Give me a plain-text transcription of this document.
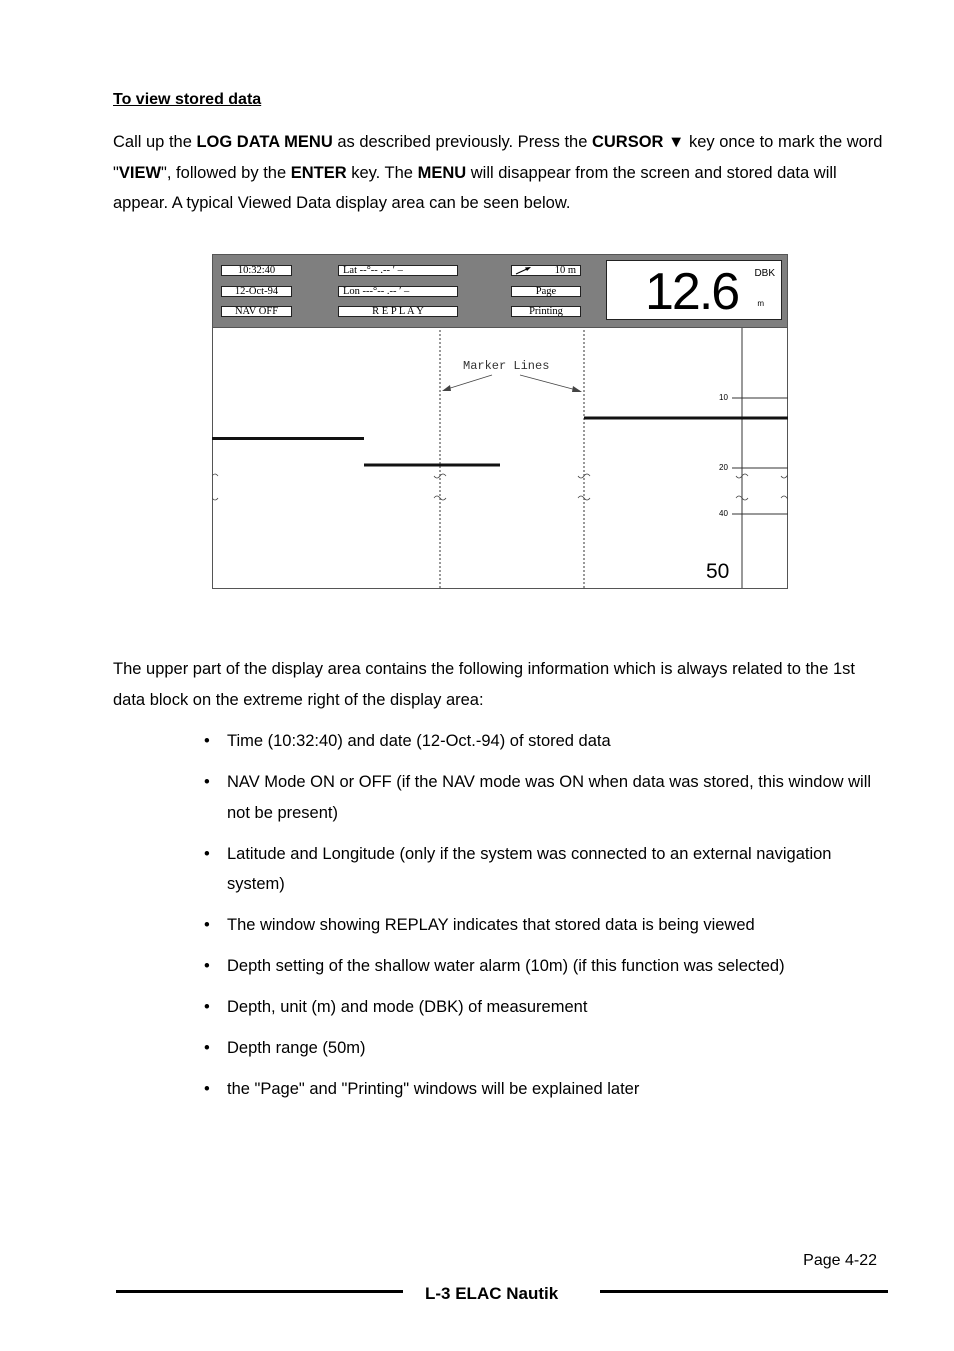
To view stored data

Call up the LOG DATA MENU as described previously. Press the CURSOR ▼ key once to mark the word "VIEW", followed by the ENTER key. The MENU will disappear from the screen and stored data will appear. A typical Viewed Data display area can be seen below.

10:32:40
12-Oct-94
NAV OFF
Lat --°-- .-- ′ –
Lon ---°-- .-- ′ –
R E P L A Y
10 m
Page
Printing	12.6 DBK
m
Marker Lines
10
20
40
50

The upper part of the display area contains the following information which is always related to the 1st data block on the extreme right of the display area:

• Time (10:32:40) and date (12-Oct.-94) of stored data
• NAV Mode ON or OFF (if the NAV mode was ON when data was stored, this window will not be present)
• Latitude and Longitude (only if the system was connected to an external navigation system)
• The window showing REPLAY indicates that stored data is being viewed
• Depth setting of the shallow water alarm (10m) (if this function was selected)
• Depth, unit (m) and mode (DBK) of measurement
• Depth range (50m)
• the "Page" and "Printing" windows will be explained later
Page 4-22
L-3 ELAC Nautik
